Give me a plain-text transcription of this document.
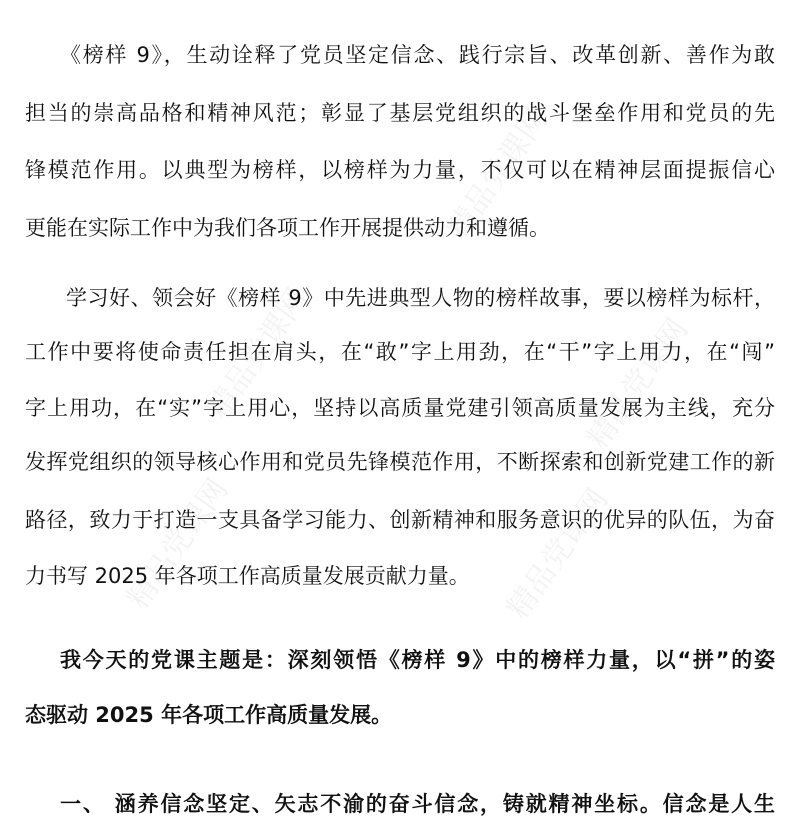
精品党课网
精品党课网	精品党课网
精品党课网	精品党课网
《榜样 9》，生动诠释了党员坚定信念、践行宗旨、改革创新、善作为敢
担当的崇高品格和精神风范；彰显了基层党组织的战斗堡垒作用和党员的先
锋模范作用。以典型为榜样，以榜样为力量，不仅可以在精神层面提振信心
更能在实际工作中为我们各项工作开展提供动力和遵循。
学习好、领会好《榜样 9》中先进典型人物的榜样故事，要以榜样为标杆，
工作中要将使命责任担在肩头，在“敢”字上用劲，在“干”字上用力，在“闯”
字上用功，在“实”字上用心，坚持以高质量党建引领高质量发展为主线，充分
发挥党组织的领导核心作用和党员先锋模范作用，不断探索和创新党建工作的新
路径，致力于打造一支具备学习能力、创新精神和服务意识的优异的队伍，为奋
力书写 2025 年各项工作高质量发展贡献力量。
我今天的党课主题是：深刻领悟《榜样 9》中的榜样力量，以“拼”的姿
态驱动 2025 年各项工作高质量发展。
一、 涵养信念坚定、矢志不渝的奋斗信念，铸就精神坐标。信念是人生
